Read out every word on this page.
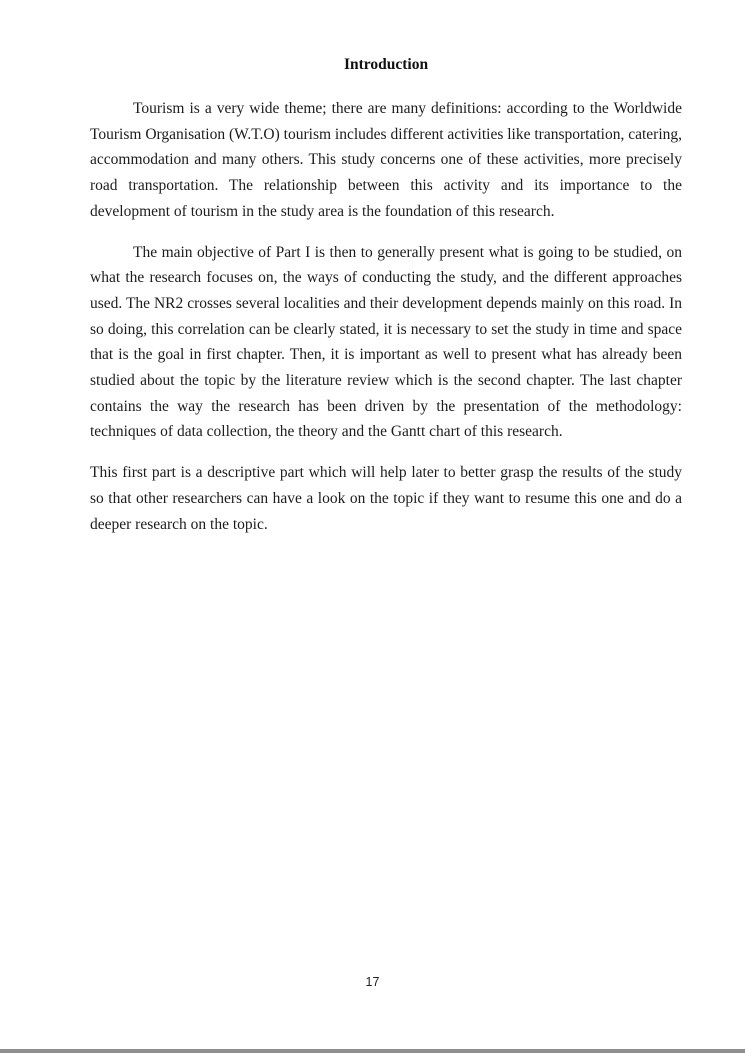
Introduction

Tourism is a very wide theme; there are many definitions: according to the Worldwide Tourism Organisation (W.T.O) tourism includes different activities like transportation, catering, accommodation and many others. This study concerns one of these activities, more precisely road transportation. The relationship between this activity and its importance to the development of tourism in the study area is the foundation of this research.

The main objective of Part I is then to generally present what is going to be studied, on what the research focuses on, the ways of conducting the study, and the different approaches used. The NR2 crosses several localities and their development depends mainly on this road. In so doing, this correlation can be clearly stated, it is necessary to set the study in time and space that is the goal in first chapter. Then, it is important as well to present what has already been studied about the topic by the literature review which is the second chapter. The last chapter contains the way the research has been driven by the presentation of the methodology: techniques of data collection, the theory and the Gantt chart of this research.

This first part is a descriptive part which will help later to better grasp the results of the study so that other researchers can have a look on the topic if they want to resume this one and do a deeper research on the topic.

17
